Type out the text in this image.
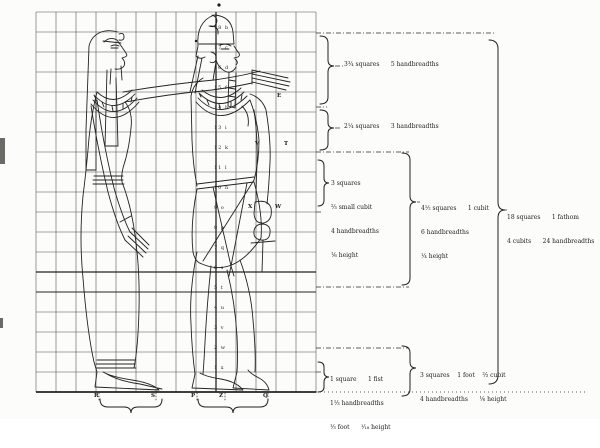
18 b
17 c
16 d
15 f
14 h
13 i
12 k
11 l
10 n
9 o
8 p
7 q
6 s
5 t
4 u
3 v
2 w
1 x
E
V	T
X	W
R	S	P	Z	Q
3¾ squares      5 handbreadths
2¼ squares      3 handbreadths

3 squares

⅔ small cubit

4 handbreadths

⅙ height

4½ squares      1 cubit

6 handbreadths

¼ height

18 squares      1 fathom

4 cubits      24 handbreadths

1 square      1 fist

1⅓ handbreadths

⅓ foot      ¹⁄₁₈ height

3 squares    1 foot    ⅔ cubit

4 handbreadths      ⅙ height
